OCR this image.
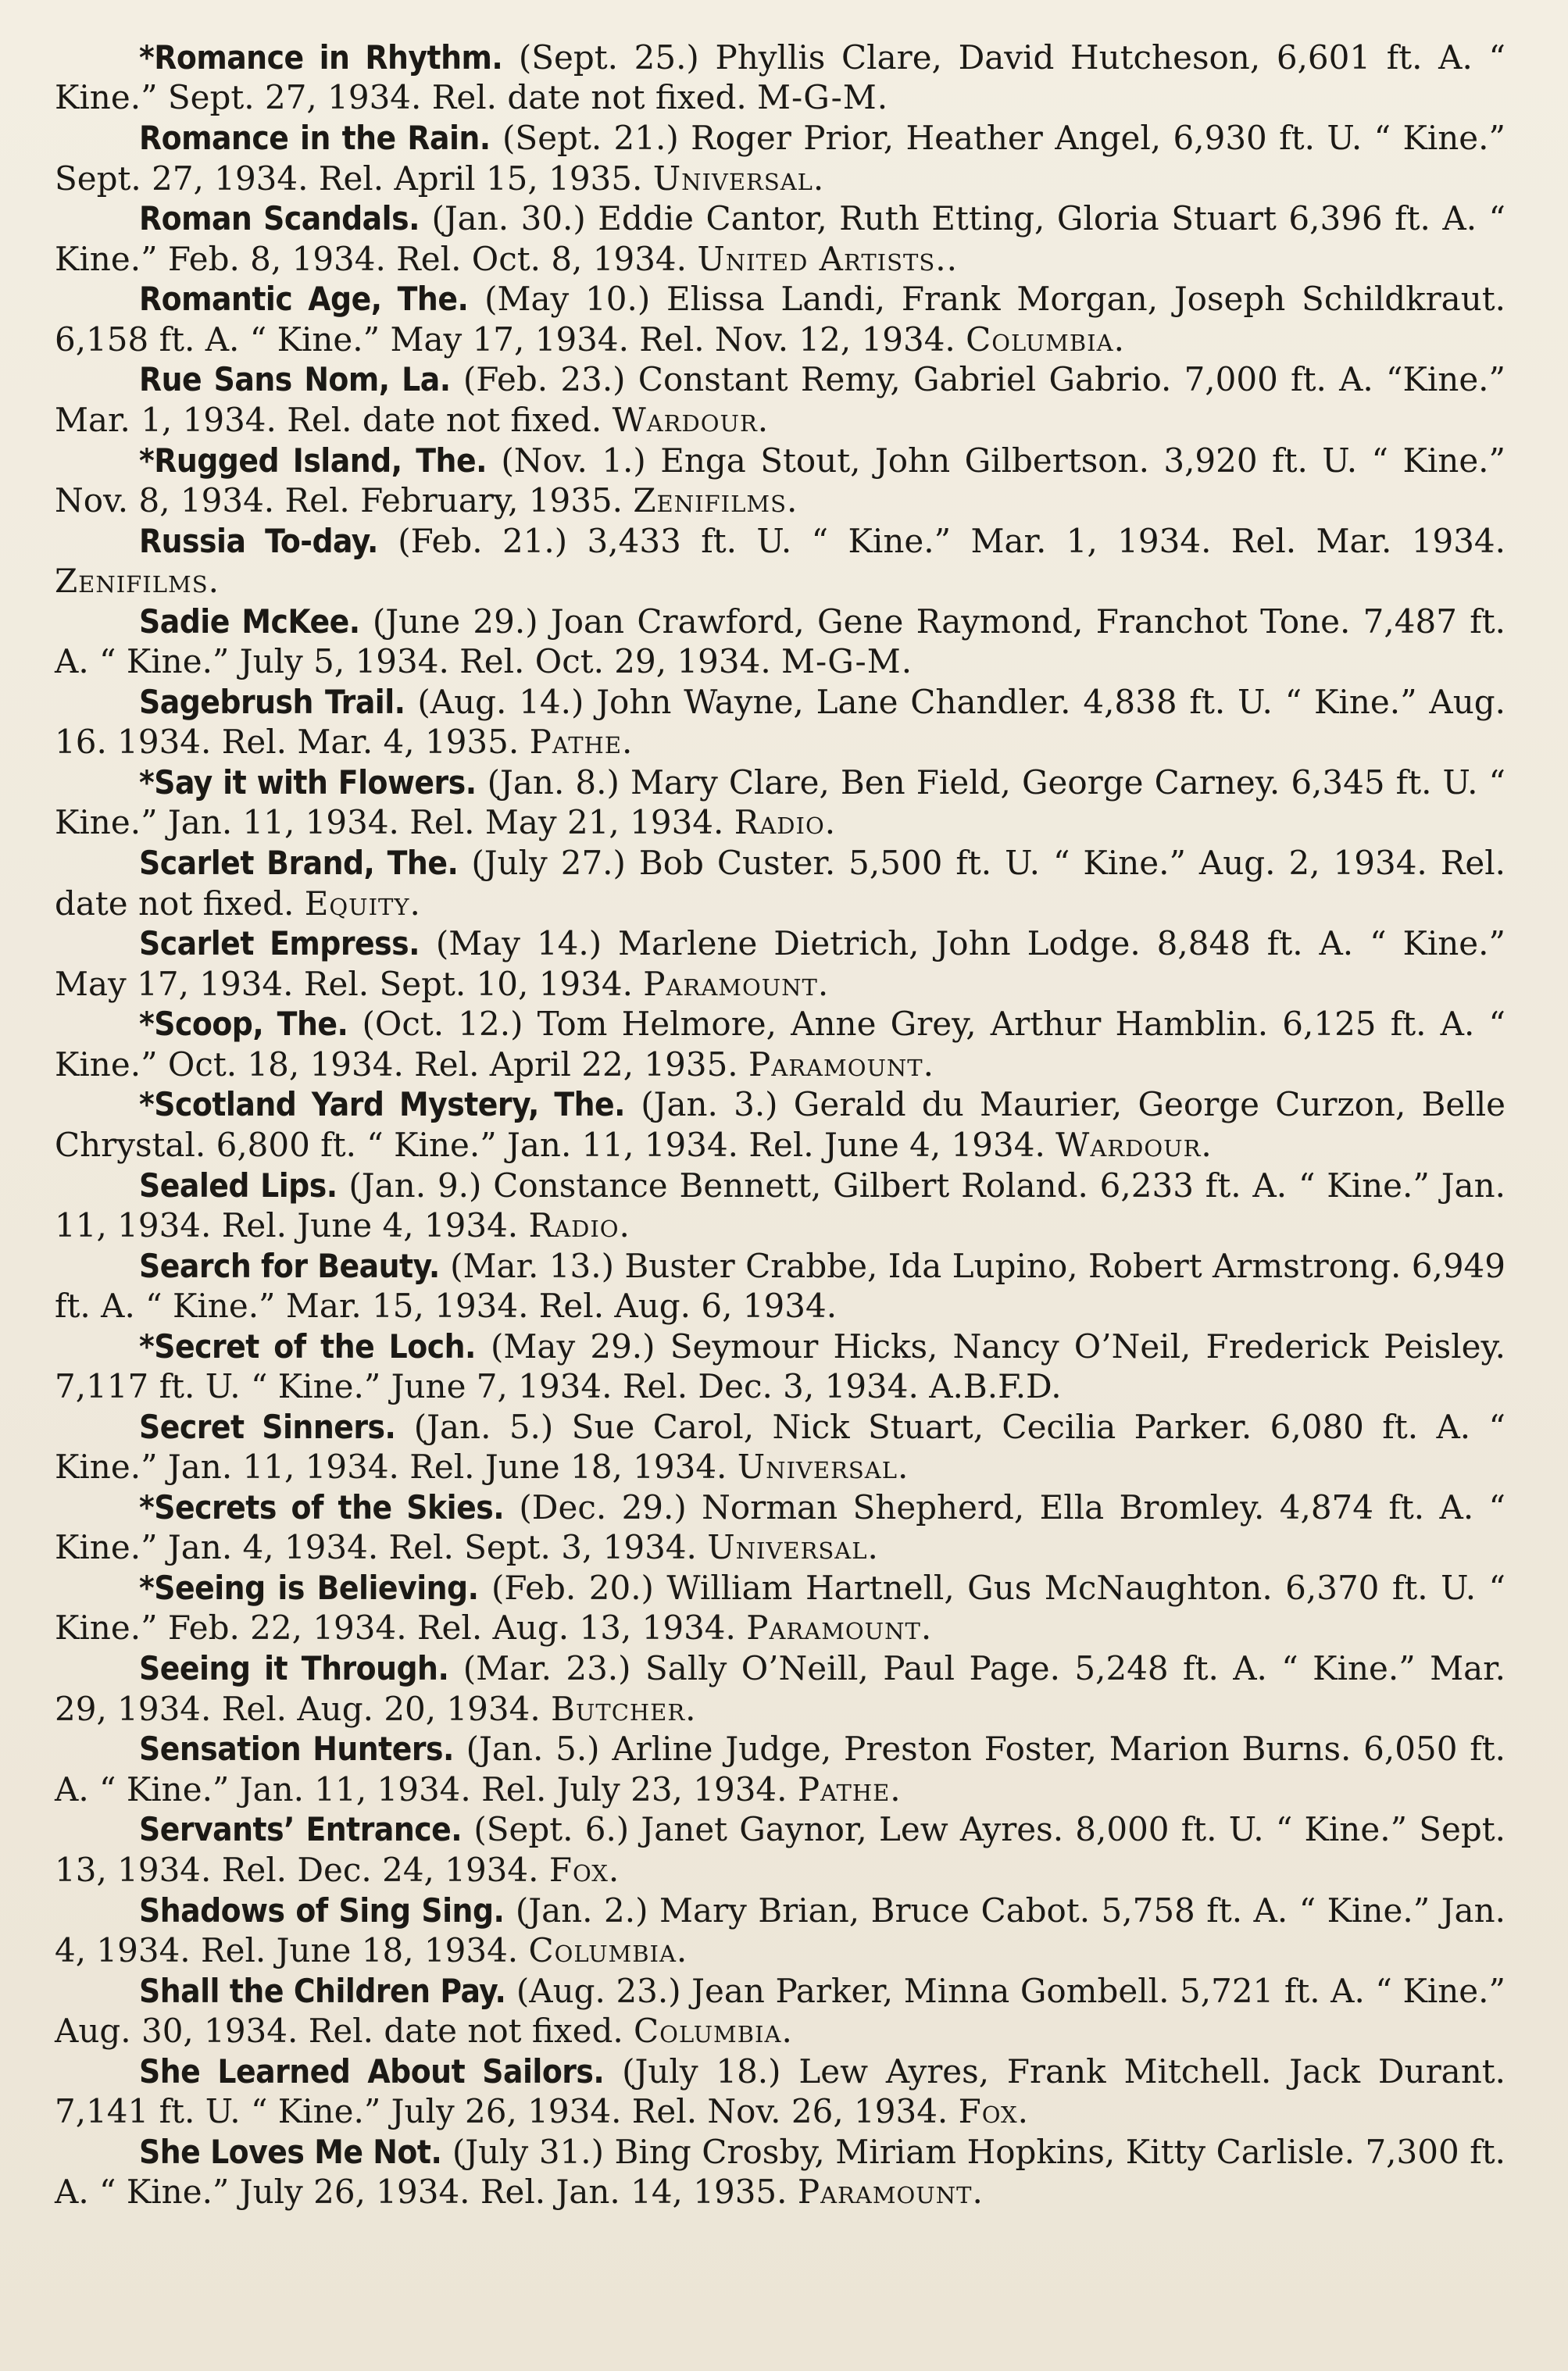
*Romance in Rhythm. (Sept. 25.) Phyllis Clare, David Hutcheson, 6,601 ft. A. “ Kine.” Sept. 27, 1934. Rel. date not fixed. M-G-M.
Romance in the Rain. (Sept. 21.) Roger Prior, Heather Angel, 6,930 ft. U. “ Kine.” Sept. 27, 1934. Rel. April 15, 1935. Universal.
Roman Scandals. (Jan. 30.) Eddie Cantor, Ruth Etting, Gloria Stuart 6,396 ft. A. “ Kine.” Feb. 8, 1934. Rel. Oct. 8, 1934. United Artists..
Romantic Age, The. (May 10.) Elissa Landi, Frank Morgan, Joseph Schildkraut. 6,158 ft. A. “ Kine.” May 17, 1934. Rel. Nov. 12, 1934. Columbia.
Rue Sans Nom, La. (Feb. 23.) Constant Remy, Gabriel Gabrio. 7,000 ft. A. “Kine.” Mar. 1, 1934. Rel. date not fixed. Wardour.
*Rugged Island, The. (Nov. 1.) Enga Stout, John Gilbertson. 3,920 ft. U. “ Kine.” Nov. 8, 1934. Rel. February, 1935. Zenifilms.
Russia To-day. (Feb. 21.) 3,433 ft. U. “ Kine.” Mar. 1, 1934. Rel. Mar. 1934. Zenifilms.
Sadie McKee. (June 29.) Joan Crawford, Gene Raymond, Franchot Tone. 7,487 ft. A. “ Kine.” July 5, 1934. Rel. Oct. 29, 1934. M-G-M.
Sagebrush Trail. (Aug. 14.) John Wayne, Lane Chandler. 4,838 ft. U. “ Kine.” Aug. 16. 1934. Rel. Mar. 4, 1935. Pathe.
*Say it with Flowers. (Jan. 8.) Mary Clare, Ben Field, George Carney. 6,345 ft. U. “ Kine.” Jan. 11, 1934. Rel. May 21, 1934. Radio.
Scarlet Brand, The. (July 27.) Bob Custer. 5,500 ft. U. “ Kine.” Aug. 2, 1934. Rel. date not fixed. Equity.
Scarlet Empress. (May 14.) Marlene Dietrich, John Lodge. 8,848 ft. A. “ Kine.” May 17, 1934. Rel. Sept. 10, 1934. Paramount.
*Scoop, The. (Oct. 12.) Tom Helmore, Anne Grey, Arthur Hamblin. 6,125 ft. A. “ Kine.” Oct. 18, 1934. Rel. April 22, 1935. Paramount.
*Scotland Yard Mystery, The. (Jan. 3.) Gerald du Maurier, George Curzon, Belle Chrystal. 6,800 ft. “ Kine.” Jan. 11, 1934. Rel. June 4, 1934. Wardour.
Sealed Lips. (Jan. 9.) Constance Bennett, Gilbert Roland. 6,233 ft. A. “ Kine.” Jan. 11, 1934. Rel. June 4, 1934. Radio.
Search for Beauty. (Mar. 13.) Buster Crabbe, Ida Lupino, Robert Armstrong. 6,949 ft. A. “ Kine.” Mar. 15, 1934. Rel. Aug. 6, 1934.
*Secret of the Loch. (May 29.) Seymour Hicks, Nancy O’Neil, Frederick Peisley. 7,117 ft. U. “ Kine.” June 7, 1934. Rel. Dec. 3, 1934. A.B.F.D.
Secret Sinners. (Jan. 5.) Sue Carol, Nick Stuart, Cecilia Parker. 6,080 ft. A. “ Kine.” Jan. 11, 1934. Rel. June 18, 1934. Universal.
*Secrets of the Skies. (Dec. 29.) Norman Shepherd, Ella Bromley. 4,874 ft. A. “ Kine.” Jan. 4, 1934. Rel. Sept. 3, 1934. Universal.
*Seeing is Believing. (Feb. 20.) William Hartnell, Gus McNaughton. 6,370 ft. U. “ Kine.” Feb. 22, 1934. Rel. Aug. 13, 1934. Paramount.
Seeing it Through. (Mar. 23.) Sally O’Neill, Paul Page. 5,248 ft. A. “ Kine.” Mar. 29, 1934. Rel. Aug. 20, 1934. Butcher.
Sensation Hunters. (Jan. 5.) Arline Judge, Preston Foster, Marion Burns. 6,050 ft. A. “ Kine.” Jan. 11, 1934. Rel. July 23, 1934. Pathe.
Servants’ Entrance. (Sept. 6.) Janet Gaynor, Lew Ayres. 8,000 ft. U. “ Kine.” Sept. 13, 1934. Rel. Dec. 24, 1934. Fox.
Shadows of Sing Sing. (Jan. 2.) Mary Brian, Bruce Cabot. 5,758 ft. A. “ Kine.” Jan. 4, 1934. Rel. June 18, 1934. Columbia.
Shall the Children Pay. (Aug. 23.) Jean Parker, Minna Gombell. 5,721 ft. A. “ Kine.” Aug. 30, 1934. Rel. date not fixed. Columbia.
She Learned About Sailors. (July 18.) Lew Ayres, Frank Mitchell. Jack Durant. 7,141 ft. U. “ Kine.” July 26, 1934. Rel. Nov. 26, 1934. Fox.
She Loves Me Not. (July 31.) Bing Crosby, Miriam Hopkins, Kitty Carlisle. 7,300 ft. A. “ Kine.” July 26, 1934. Rel. Jan. 14, 1935. Paramount.
